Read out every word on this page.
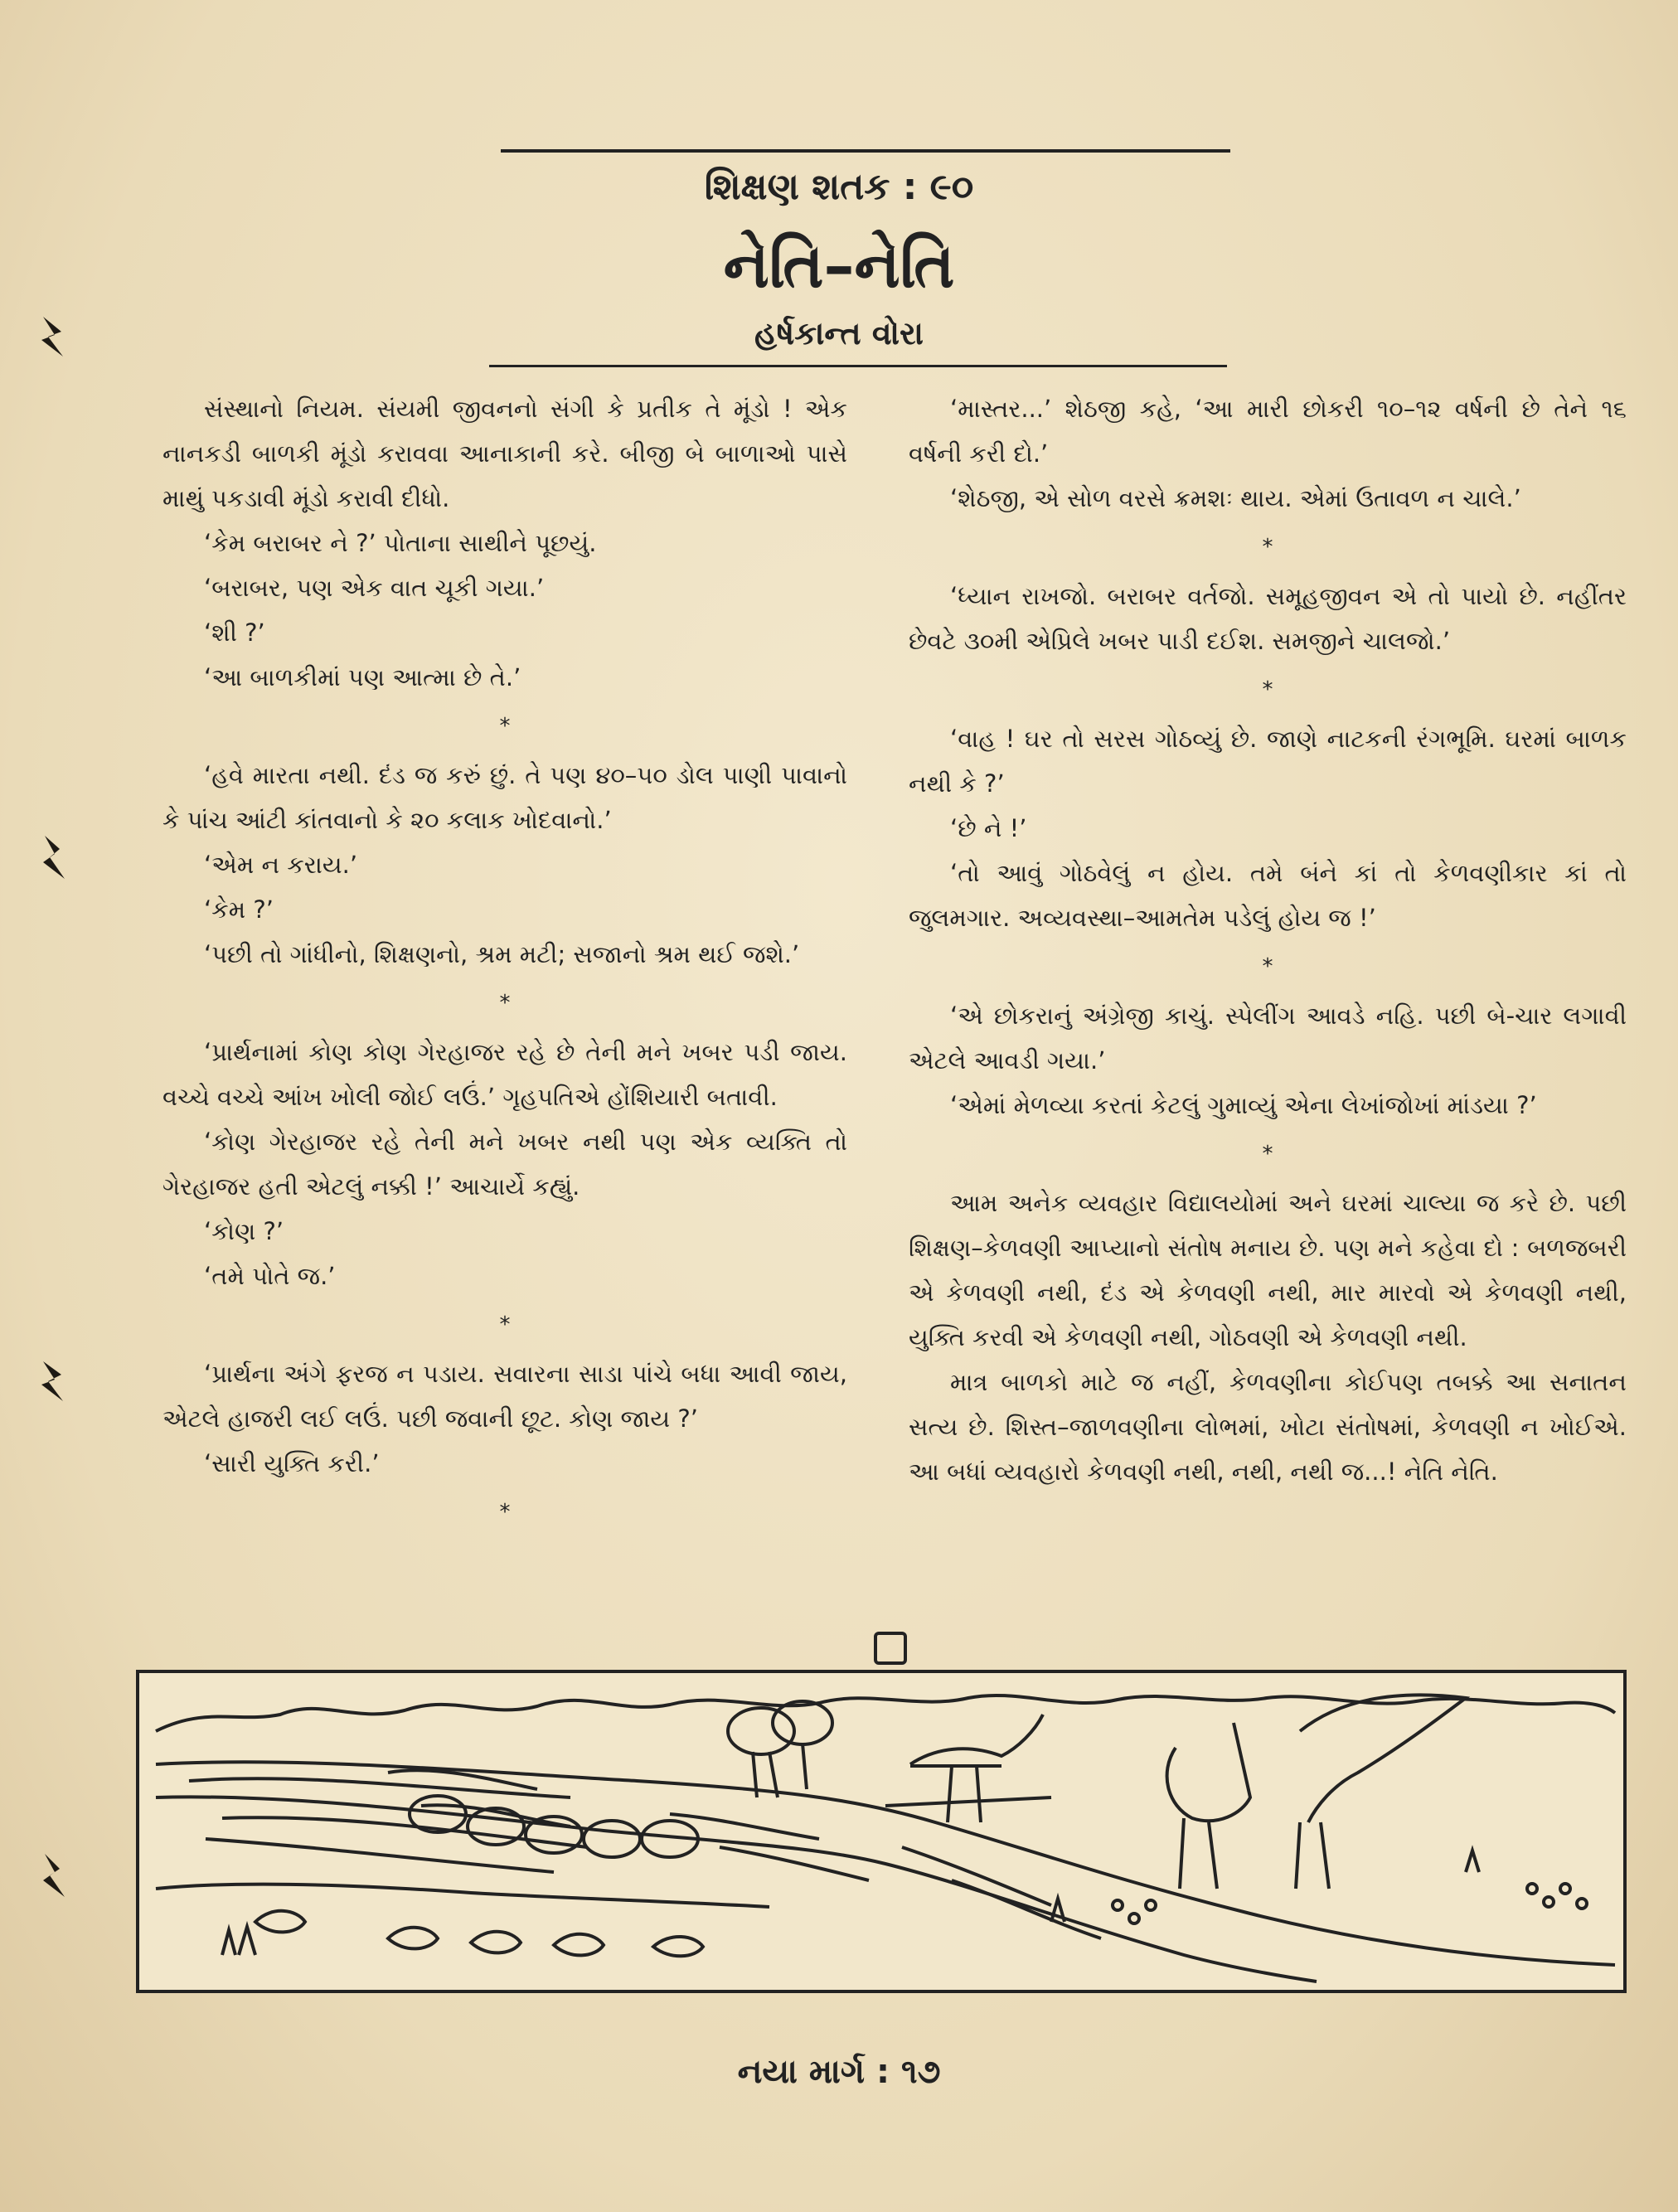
શિક્ષણ શતક : ૯૦
નેતિ–નેતિ
હર્ષકાન્ત વોરા
સંસ્થાનો નિયમ. સંયમી જીવનનો સંગી કે પ્રતીક તે મૂંડો ! એક નાનકડી બાળકી મૂંડો કરાવવા આનાકાની કરે. બીજી બે બાળાઓ પાસે માથું પકડાવી મૂંડો કરાવી દીધો.
‘કેમ બરાબર ને ?’ પોતાના સાથીને પૂછયું.
‘બરાબર, પણ એક વાત ચૂકી ગયા.’
‘શી ?’
‘આ બાળકીમાં પણ આત્મા છે તે.’
*
‘હવે મારતા નથી. દંડ જ કરું છું. તે પણ ૪૦–૫૦ ડોલ પાણી પાવાનો કે પાંચ આંટી કાંતવાનો કે ૨૦ કલાક ખોદવાનો.’
‘એમ ન કરાય.’
‘કેમ ?’
‘પછી તો ગાંધીનો, શિક્ષણનો, શ્રમ મટી; સજાનો શ્રમ થઈ જશે.’
*
‘પ્રાર્થનામાં કોણ કોણ ગેરહાજર રહે છે તેની મને ખબર પડી જાય. વચ્ચે વચ્ચે આંખ ખોલી જોઈ લઉં.’ ગૃહપતિએ હોંશિયારી બતાવી.
‘કોણ ગેરહાજર રહે તેની મને ખબર નથી પણ એક વ્યક્તિ તો ગેરહાજર હતી એટલું નક્કી !’ આચાર્યે કહ્યું.
‘કોણ ?’
‘તમે પોતે જ.’
*
‘પ્રાર્થના અંગે ફરજ ન પડાય. સવારના સાડા પાંચે બધા આવી જાય, એટલે હાજરી લઈ લઉં. પછી જવાની છૂટ. કોણ જાય ?’
‘સારી યુક્તિ કરી.’
*
‘માસ્તર...’ શેઠજી કહે, ‘આ મારી છોકરી ૧૦–૧૨ વર્ષની છે તેને ૧૬ વર્ષની કરી દો.’
‘શેઠજી, એ સોળ વરસે ક્રમશઃ થાય. એમાં ઉતાવળ ન ચાલે.’
*
‘ધ્યાન રાખજો. બરાબર વર્તજો. સમૂહજીવન એ તો પાયો છે. નહીંતર છેવટે ૩૦મી એપ્રિલે ખબર પાડી દઈશ. સમજીને ચાલજો.’
*
‘વાહ ! ઘર તો સરસ ગોઠવ્યું છે. જાણે નાટકની રંગભૂમિ. ઘરમાં બાળક નથી કે ?’
‘છે ને !’
‘તો આવું ગોઠવેલું ન હોય. તમે બંને કાં તો કેળવણીકાર કાં તો જુલમગાર. અવ્યવસ્થા–આમતેમ પડેલું હોય જ !’
*
‘એ છોકરાનું અંગ્રેજી કાચું. સ્પેલીંગ આવડે નહિ. પછી બે-ચાર લગાવી એટલે આવડી ગયા.’
‘એમાં મેળવ્યા કરતાં કેટલું ગુમાવ્યું એના લેખાંજોખાં માંડયા ?’
*
આમ અનેક વ્યવહાર વિદ્યાલયોમાં અને ઘરમાં ચાલ્યા જ કરે છે. પછી શિક્ષણ–કેળવણી આપ્યાનો સંતોષ મનાય છે. પણ મને કહેવા દો : બળજબરી એ કેળવણી નથી, દંડ એ કેળવણી નથી, માર મારવો એ કેળવણી નથી, યુક્તિ કરવી એ કેળવણી નથી, ગોઠવણી એ કેળવણી નથી.
માત્ર બાળકો માટે જ નહીં, કેળવણીના કોઈપણ તબક્કે આ સનાતન સત્ય છે. શિસ્ત–જાળવણીના લોભમાં, ખોટા સંતોષમાં, કેળવણી ન ખોઈએ. આ બધાં વ્યવહારો કેળવણી નથી, નથી, નથી જ...! નેતિ નેતિ.
નયા માર્ગ : ૧૭
